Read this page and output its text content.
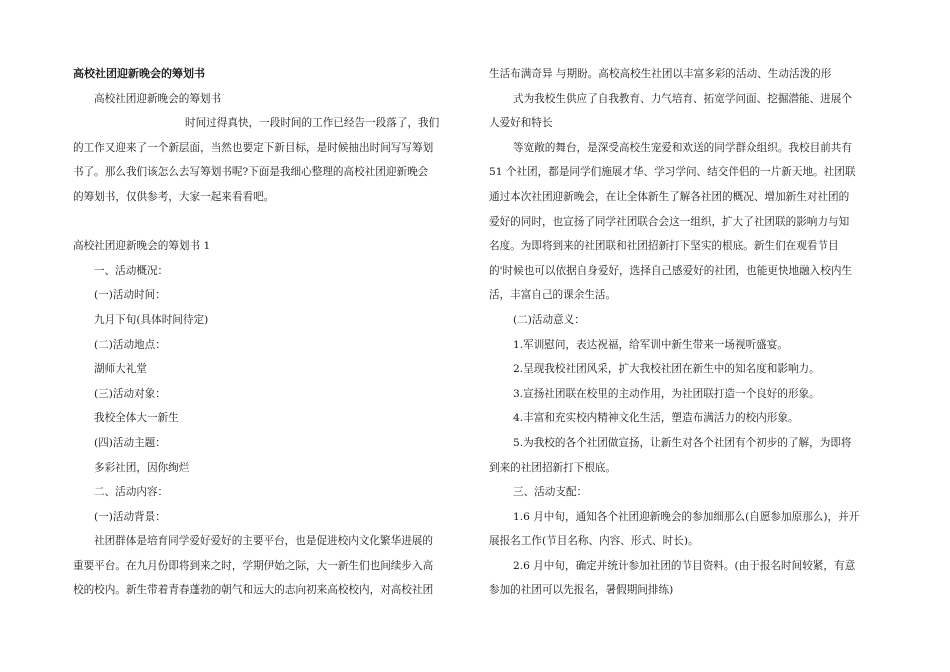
高校社团迎新晚会的筹划书
高校社团迎新晚会的筹划书
时间过得真快，一段时间的工作已经告一段落了，我们
的工作又迎来了一个新层面，当然也要定下新目标，是时候抽出时间写写筹划
书了。那么我们该怎么去写筹划书呢?下面是我细心整理的高校社团迎新晚会
的筹划书，仅供参考，大家一起来看看吧。
高校社团迎新晚会的筹划书 1
一、活动概况：
(一)活动时间：
九月下旬(具体时间待定)
(二)活动地点：
湖师大礼堂
(三)活动对象：
我校全体大一新生
(四)活动主题：
多彩社团，因你绚烂
二、活动内容：
(一)活动背景：
社团群体是培育同学爱好爱好的主要平台，也是促进校内文化繁华进展的
重要平台。在九月份即将到来之时，学期伊始之际，大一新生们也间续步入高
校的校内。新生带着青春蓬勃的朝气和远大的志向初来高校校内，对高校社团
生活布满奇异 与期盼。高校高校生社团以丰富多彩的活动、生动活泼的形
式为我校生供应了自我教育、力气培育、拓宽学问面、挖掘潜能、进展个
人爱好和特长
等宽敞的舞台，是深受高校生宠爱和欢送的同学群众组织。我校目前共有
51 个社团，都是同学们施展才华、学习学问、结交伴侣的一片新天地。社团联
通过本次社团迎新晚会，在让全体新生了解各社团的概况、增加新生对社团的
爱好的同时，也宣扬了同学社团联合会这一组织，扩大了社团联的影响力与知
名度。为即将到来的社团联和社团招新打下坚实的根底。新生们在观看节目
的'时候也可以依据自身爱好，选择自己感爱好的社团，也能更快地融入校内生
活，丰富自己的课余生活。
(二)活动意义：
1.军训慰问，表达祝福，给军训中新生带来一场视听盛宴。
2.呈现我校社团风采，扩大我校社团在新生中的知名度和影响力。
3.宣扬社团联在校里的主动作用，为社团联打造一个良好的形象。
4.丰富和充实校内精神文化生活，塑造布满活力的校内形象。
5.为我校的各个社团做宣扬，让新生对各个社团有个初步的了解，为即将
到来的社团招新打下根底。
三、活动支配：
1.6 月中旬，通知各个社团迎新晚会的参加细那么(自愿参加原那么)，并开
展报名工作(节目名称、内容、形式、时长)。
2.6 月中旬，确定并统计参加社团的节目资料。(由于报名时间较紧，有意
参加的社团可以先报名，暑假期间排练)
